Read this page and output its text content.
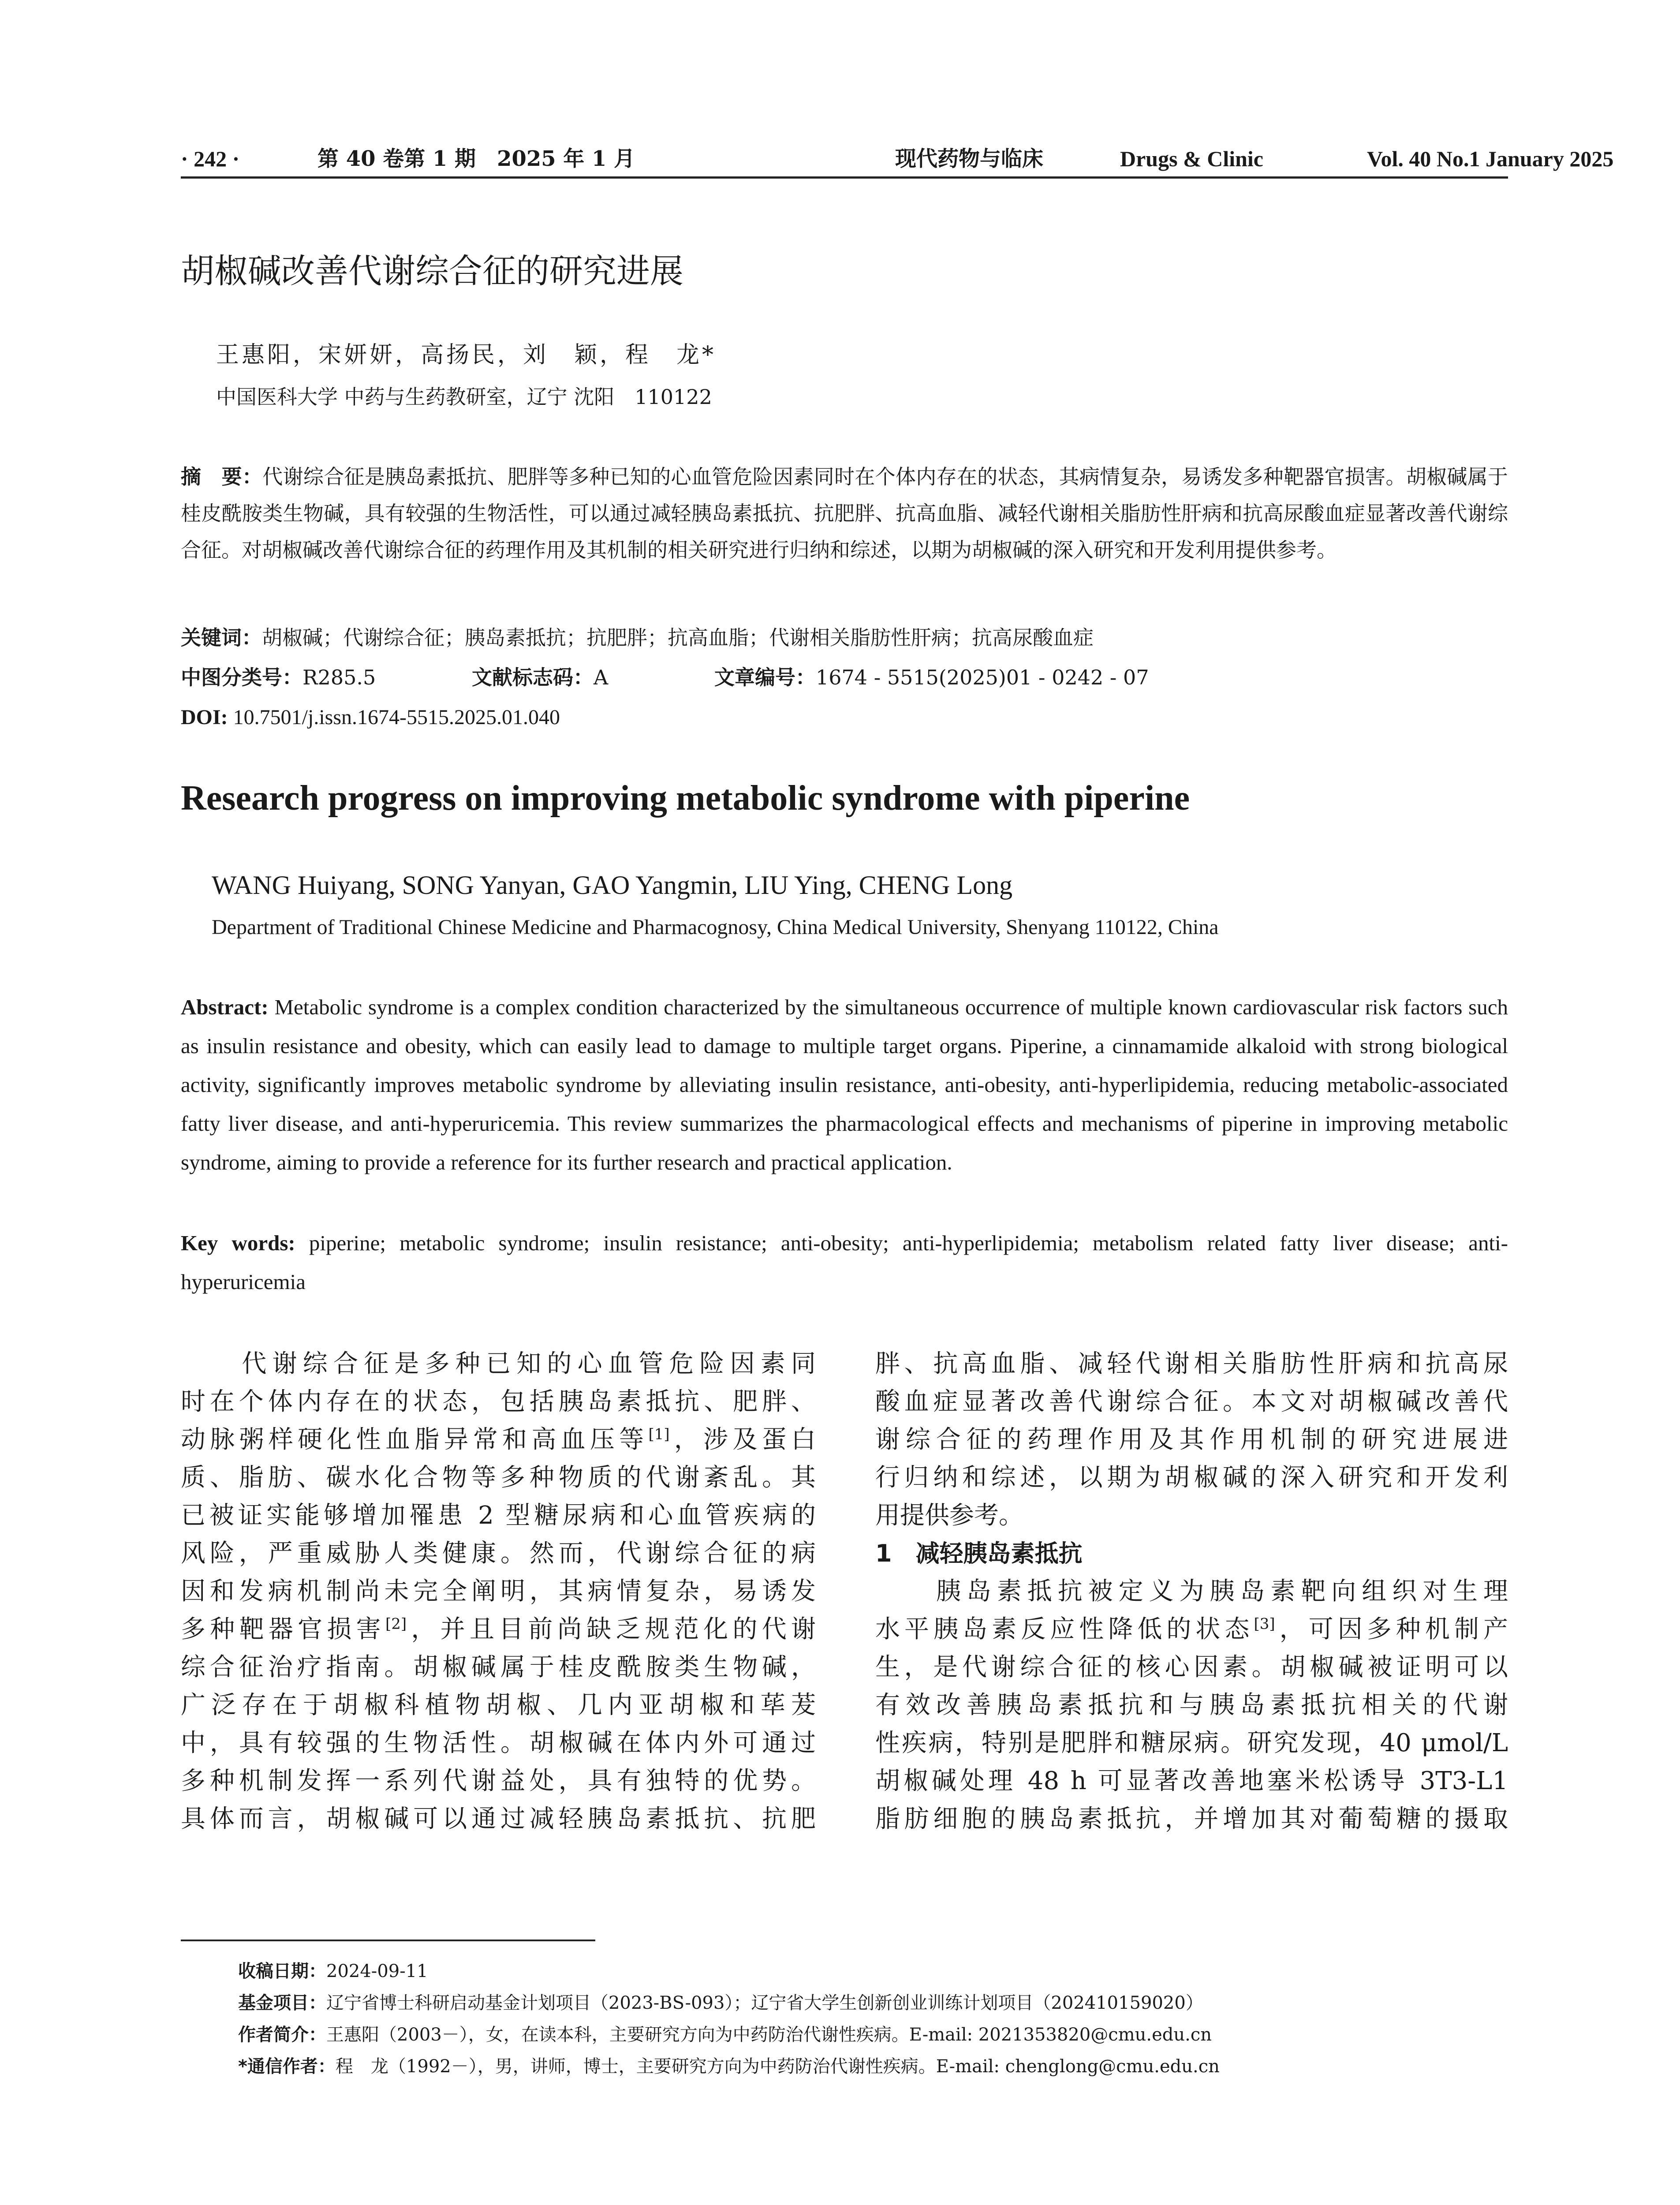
· 242 ·	第 40 卷第 1 期　2025 年 1 月	现代药物与临床	Drugs & Clinic	Vol. 40 No.1 January 2025
胡椒碱改善代谢综合征的研究进展
王惠阳，宋妍妍，高扬民，刘　颖，程　龙*
中国医科大学 中药与生药教研室，辽宁 沈阳　110122
摘　要：代谢综合征是胰岛素抵抗、肥胖等多种已知的心血管危险因素同时在个体内存在的状态，其病情复杂，易诱发多种靶器官损害。胡椒碱属于桂皮酰胺类生物碱，具有较强的生物活性，可以通过减轻胰岛素抵抗、抗肥胖、抗高血脂、减轻代谢相关脂肪性肝病和抗高尿酸血症显著改善代谢综合征。对胡椒碱改善代谢综合征的药理作用及其机制的相关研究进行归纳和综述，以期为胡椒碱的深入研究和开发利用提供参考。
关键词：胡椒碱；代谢综合征；胰岛素抵抗；抗肥胖；抗高血脂；代谢相关脂肪性肝病；抗高尿酸血症
中图分类号：R285.5	文献标志码：A	文章编号：1674 - 5515(2025)01 - 0242 - 07
DOI: 10.7501/j.issn.1674-5515.2025.01.040
Research progress on improving metabolic syndrome with piperine
WANG Huiyang, SONG Yanyan, GAO Yangmin, LIU Ying, CHENG Long
Department of Traditional Chinese Medicine and Pharmacognosy, China Medical University, Shenyang 110122, China
Abstract: Metabolic syndrome is a complex condition characterized by the simultaneous occurrence of multiple known cardiovascular risk factors such as insulin resistance and obesity, which can easily lead to damage to multiple target organs. Piperine, a cinnamamide alkaloid with strong biological activity, significantly improves metabolic syndrome by alleviating insulin resistance, anti-obesity, anti-hyperlipidemia, reducing metabolic-associated fatty liver disease, and anti-hyperuricemia. This review summarizes the pharmacological effects and mechanisms of piperine in improving metabolic syndrome, aiming to provide a reference for its further research and practical application.
Key words: piperine; metabolic syndrome; insulin resistance; anti-obesity; anti-hyperlipidemia; metabolism related fatty liver disease; anti-hyperuricemia
　　代谢综合征是多种已知的心血管危险因素同
时在个体内存在的状态，包括胰岛素抵抗、肥胖、
动脉粥样硬化性血脂异常和高血压等[1]，涉及蛋白
质、脂肪、碳水化合物等多种物质的代谢紊乱。其
已被证实能够增加罹患 2 型糖尿病和心血管疾病的
风险，严重威胁人类健康。然而，代谢综合征的病
因和发病机制尚未完全阐明，其病情复杂，易诱发
多种靶器官损害[2]，并且目前尚缺乏规范化的代谢
综合征治疗指南。胡椒碱属于桂皮酰胺类生物碱，
广泛存在于胡椒科植物胡椒、几内亚胡椒和荜茇
中，具有较强的生物活性。胡椒碱在体内外可通过
多种机制发挥一系列代谢益处，具有独特的优势。
具体而言，胡椒碱可以通过减轻胰岛素抵抗、抗肥
胖、抗高血脂、减轻代谢相关脂肪性肝病和抗高尿
酸血症显著改善代谢综合征。本文对胡椒碱改善代
谢综合征的药理作用及其作用机制的研究进展进
行归纳和综述，以期为胡椒碱的深入研究和开发利
用提供参考。
1　减轻胰岛素抵抗
　　胰岛素抵抗被定义为胰岛素靶向组织对生理
水平胰岛素反应性降低的状态[3]，可因多种机制产
生，是代谢综合征的核心因素。胡椒碱被证明可以
有效改善胰岛素抵抗和与胰岛素抵抗相关的代谢
性疾病，特别是肥胖和糖尿病。研究发现，40 μmol/L
胡椒碱处理 48 h 可显著改善地塞米松诱导 3T3-L1
脂肪细胞的胰岛素抵抗，并增加其对葡萄糖的摄取
收稿日期：2024-09-11
基金项目：辽宁省博士科研启动基金计划项目（2023-BS-093）；辽宁省大学生创新创业训练计划项目（202410159020）
作者简介：王惠阳（2003－），女，在读本科，主要研究方向为中药防治代谢性疾病。E-mail: 2021353820@cmu.edu.cn
*通信作者：程　龙（1992－），男，讲师，博士，主要研究方向为中药防治代谢性疾病。E-mail: chenglong@cmu.edu.cn
